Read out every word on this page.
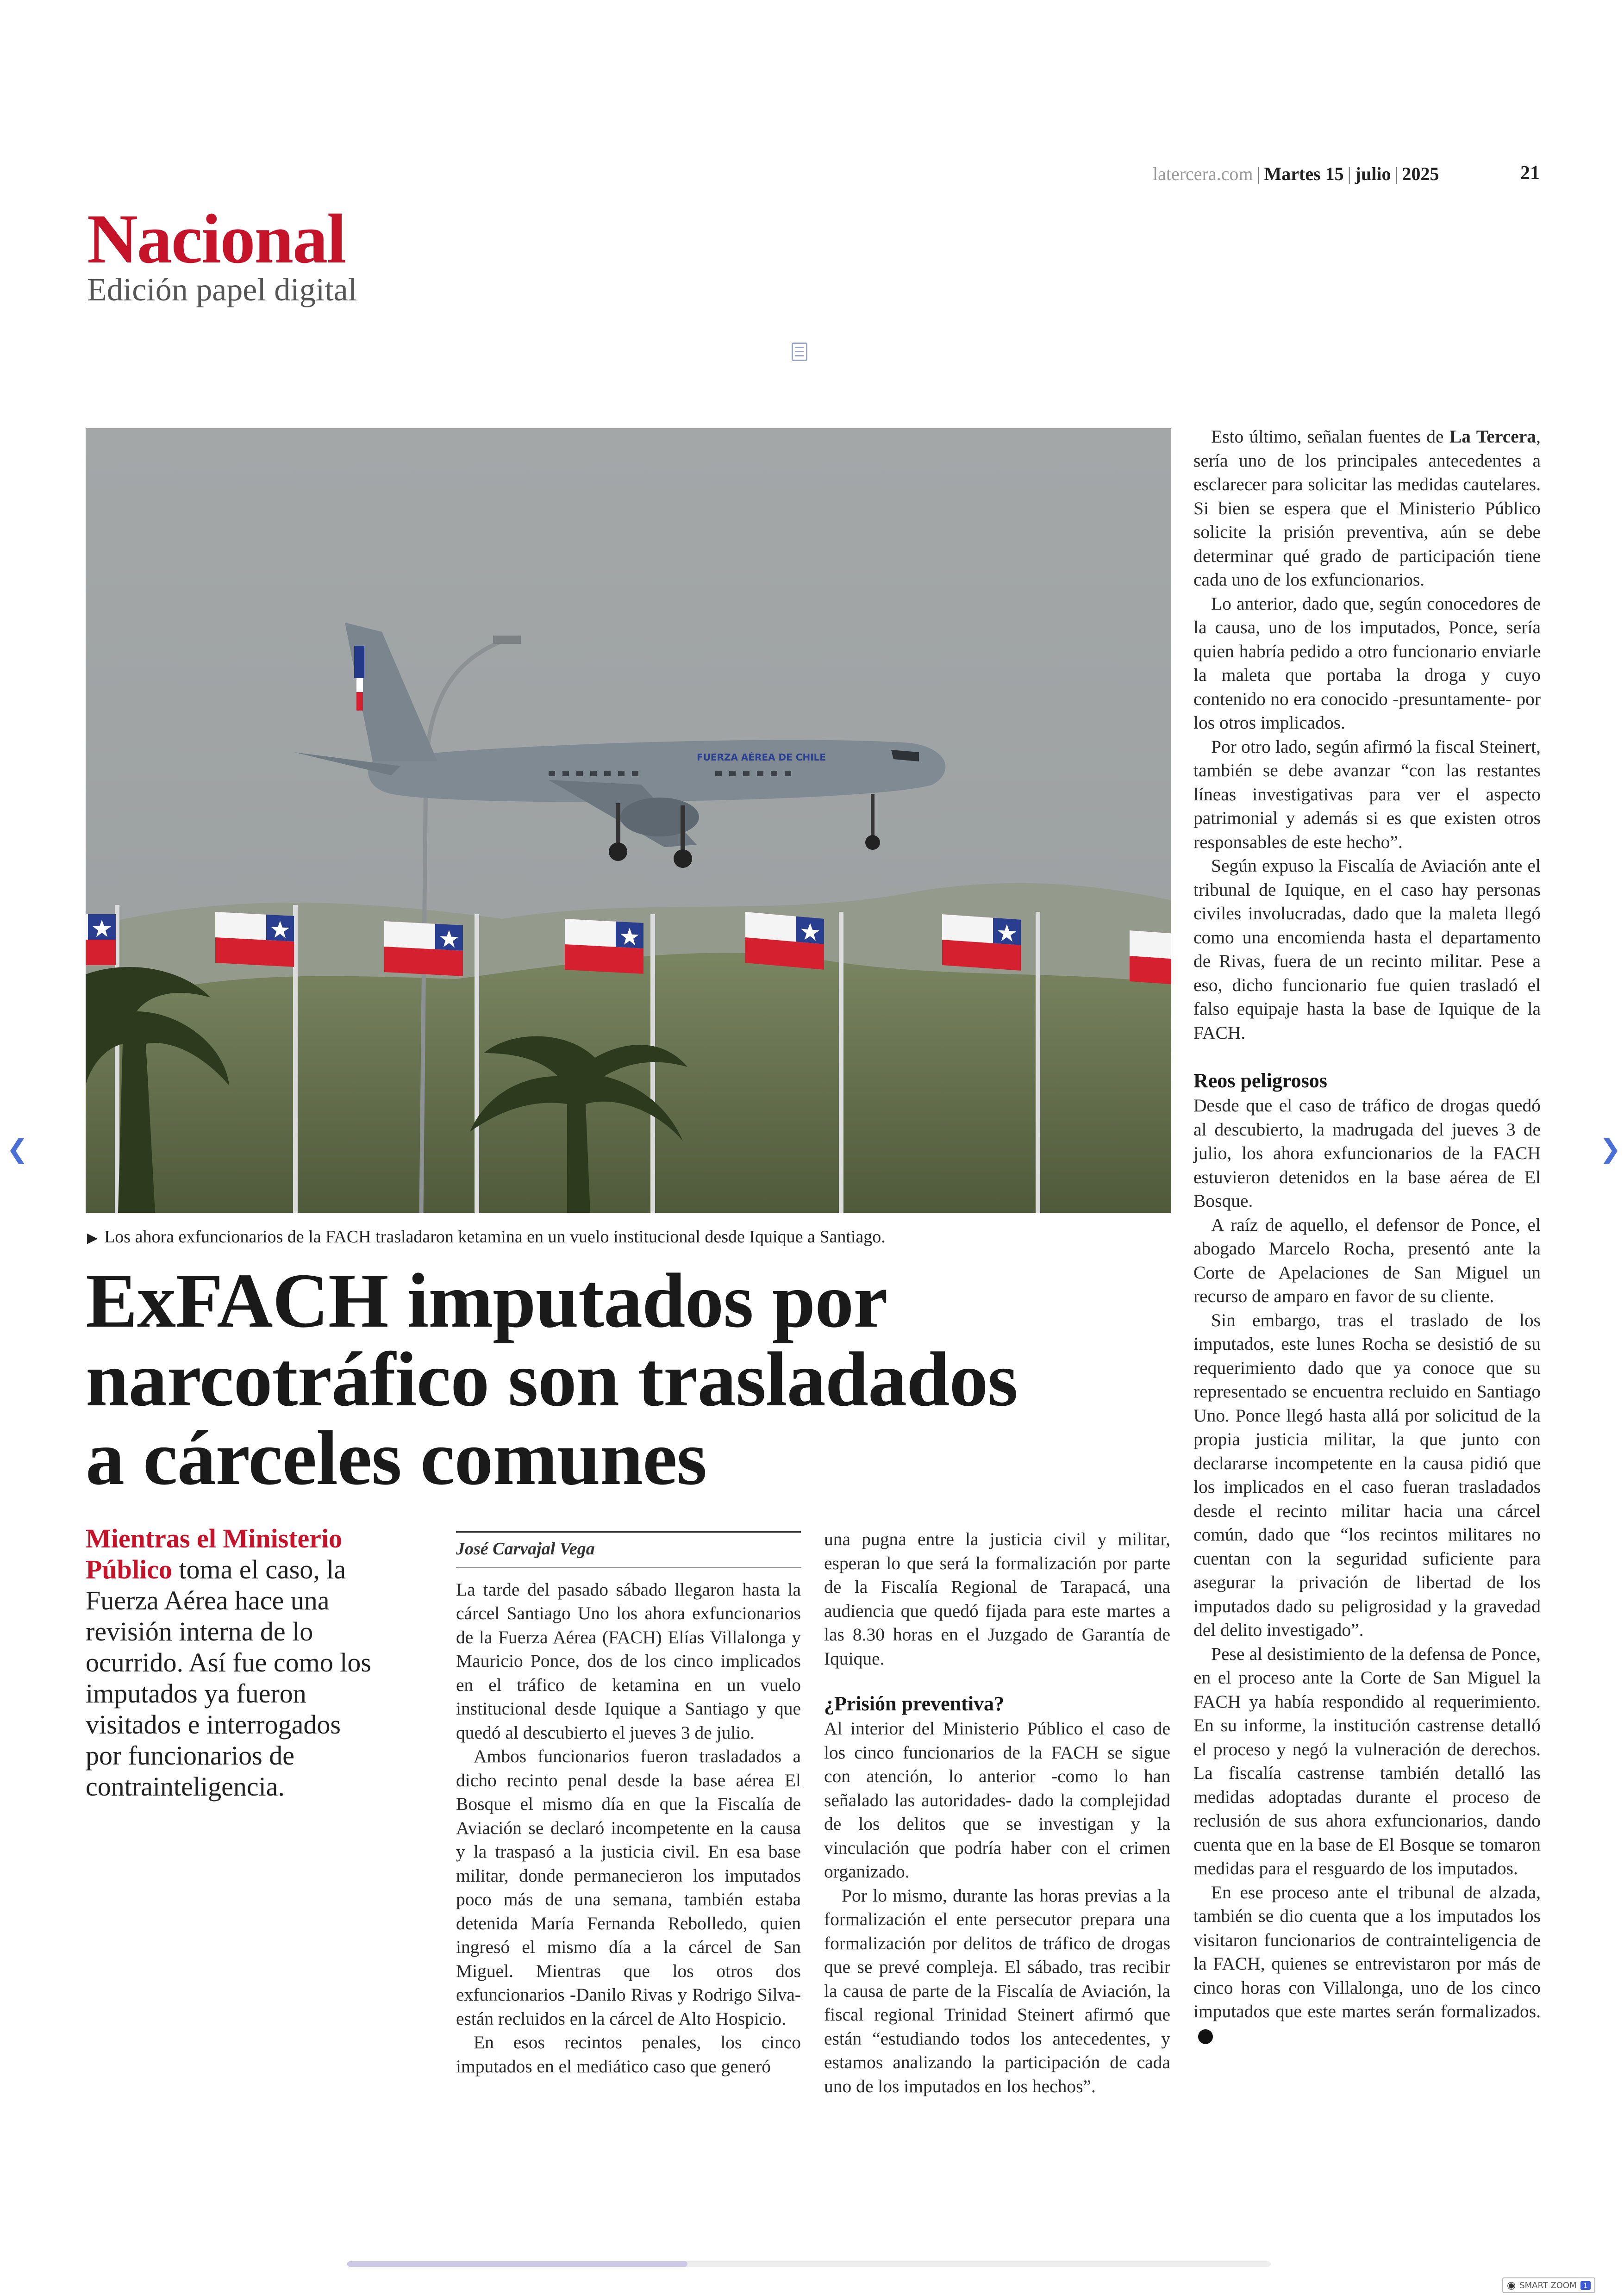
latercera.com | Martes 15 | julio | 2025	21
Nacional
Edición papel digital
FUERZA AÉREA DE CHILE
▶ Los ahora exfuncionarios de la FACH trasladaron ketamina en un vuelo institucional desde Iquique a Santiago.
ExFACH imputados por
narcotráfico son trasladados
a cárceles comunes
Mientras el Ministerio Público toma el caso, la Fuerza Aérea hace una revisión interna de lo ocurrido. Así fue como los imputados ya fueron visitados e interrogados por funcionarios de contrainteligencia.
José Carvajal Vega

La tarde del pasado sábado llegaron hasta la cárcel Santiago Uno los ahora exfuncionarios de la Fuerza Aérea (FACH) Elías Villalonga y Mauricio Ponce, dos de los cinco implicados en el tráfico de ketamina en un vuelo institucional desde Iquique a Santiago y que quedó al descubierto el jueves 3 de julio.

Ambos funcionarios fueron trasladados a dicho recinto penal desde la base aérea El Bosque el mismo día en que la Fiscalía de Aviación se declaró incompetente en la causa y la traspasó a la justicia civil. En esa base militar, donde permanecieron los imputados poco más de una semana, también estaba detenida María Fernanda Rebolledo, quien ingresó el mismo día a la cárcel de San Miguel. Mientras que los otros dos exfuncionarios -Danilo Rivas y Rodrigo Silva- están recluidos en la cárcel de Alto Hospicio.

En esos recintos penales, los cinco imputados en el mediático caso que generó

una pugna entre la justicia civil y militar, esperan lo que será la formalización por parte de la Fiscalía Regional de Tarapacá, una audiencia que quedó fijada para este martes a las 8.30 horas en el Juzgado de Garantía de Iquique.

¿Prisión preventiva?

Al interior del Ministerio Público el caso de los cinco funcionarios de la FACH se sigue con atención, lo anterior -como lo han señalado las autoridades- dado la complejidad de los delitos que se investigan y la vinculación que podría haber con el crimen organizado.

Por lo mismo, durante las horas previas a la formalización el ente persecutor prepara una formalización por delitos de tráfico de drogas que se prevé compleja. El sábado, tras recibir la causa de parte de la Fiscalía de Aviación, la fiscal regional Trinidad Steinert afirmó que están “estudiando todos los antecedentes, y estamos analizando la participación de cada uno de los imputados en los hechos”.

Esto último, señalan fuentes de La Tercera, sería uno de los principales antecedentes a esclarecer para solicitar las medidas cautelares. Si bien se espera que el Ministerio Público solicite la prisión preventiva, aún se debe determinar qué grado de participación tiene cada uno de los exfuncionarios.

Lo anterior, dado que, según conocedores de la causa, uno de los imputados, Ponce, sería quien habría pedido a otro funcionario enviarle la maleta que portaba la droga y cuyo contenido no era conocido -presuntamente- por los otros implicados.

Por otro lado, según afirmó la fiscal Steinert, también se debe avanzar “con las restantes líneas investigativas para ver el aspecto patrimonial y además si es que existen otros responsables de este hecho”.

Según expuso la Fiscalía de Aviación ante el tribunal de Iquique, en el caso hay personas civiles involucradas, dado que la maleta llegó como una encomienda hasta el departamento de Rivas, fuera de un recinto militar. Pese a eso, dicho funcionario fue quien trasladó el falso equipaje hasta la base de Iquique de la FACH.

Reos peligrosos

Desde que el caso de tráfico de drogas quedó al descubierto, la madrugada del jueves 3 de julio, los ahora exfuncionarios de la FACH estuvieron detenidos en la base aérea de El Bosque.

A raíz de aquello, el defensor de Ponce, el abogado Marcelo Rocha, presentó ante la Corte de Apelaciones de San Miguel un recurso de amparo en favor de su cliente.

Sin embargo, tras el traslado de los imputados, este lunes Rocha se desistió de su requerimiento dado que ya conoce que su representado se encuentra recluido en Santiago Uno. Ponce llegó hasta allá por solicitud de la propia justicia militar, la que junto con declararse incompetente en la causa pidió que los implicados en el caso fueran trasladados desde el recinto militar hacia una cárcel común, dado que “los recintos militares no cuentan con la seguridad suficiente para asegurar la privación de libertad de los imputados dado su peligrosidad y la gravedad del delito investigado”.

Pese al desistimiento de la defensa de Ponce, en el proceso ante la Corte de San Miguel la FACH ya había respondido al requerimiento. En su informe, la institución castrense detalló el proceso y negó la vulneración de derechos. La fiscalía castrense también detalló las medidas adoptadas durante el proceso de reclusión de sus ahora exfuncionarios, dando cuenta que en la base de El Bosque se tomaron medidas para el resguardo de los imputados.

En ese proceso ante el tribunal de alzada, también se dio cuenta que a los imputados los visitaron funcionarios de contrainteligencia de la FACH, quienes se entrevistaron por más de cinco horas con Villalonga, uno de los cinco imputados que este martes serán formalizados.

❮	❯
◉ SMART ZOOM 1
